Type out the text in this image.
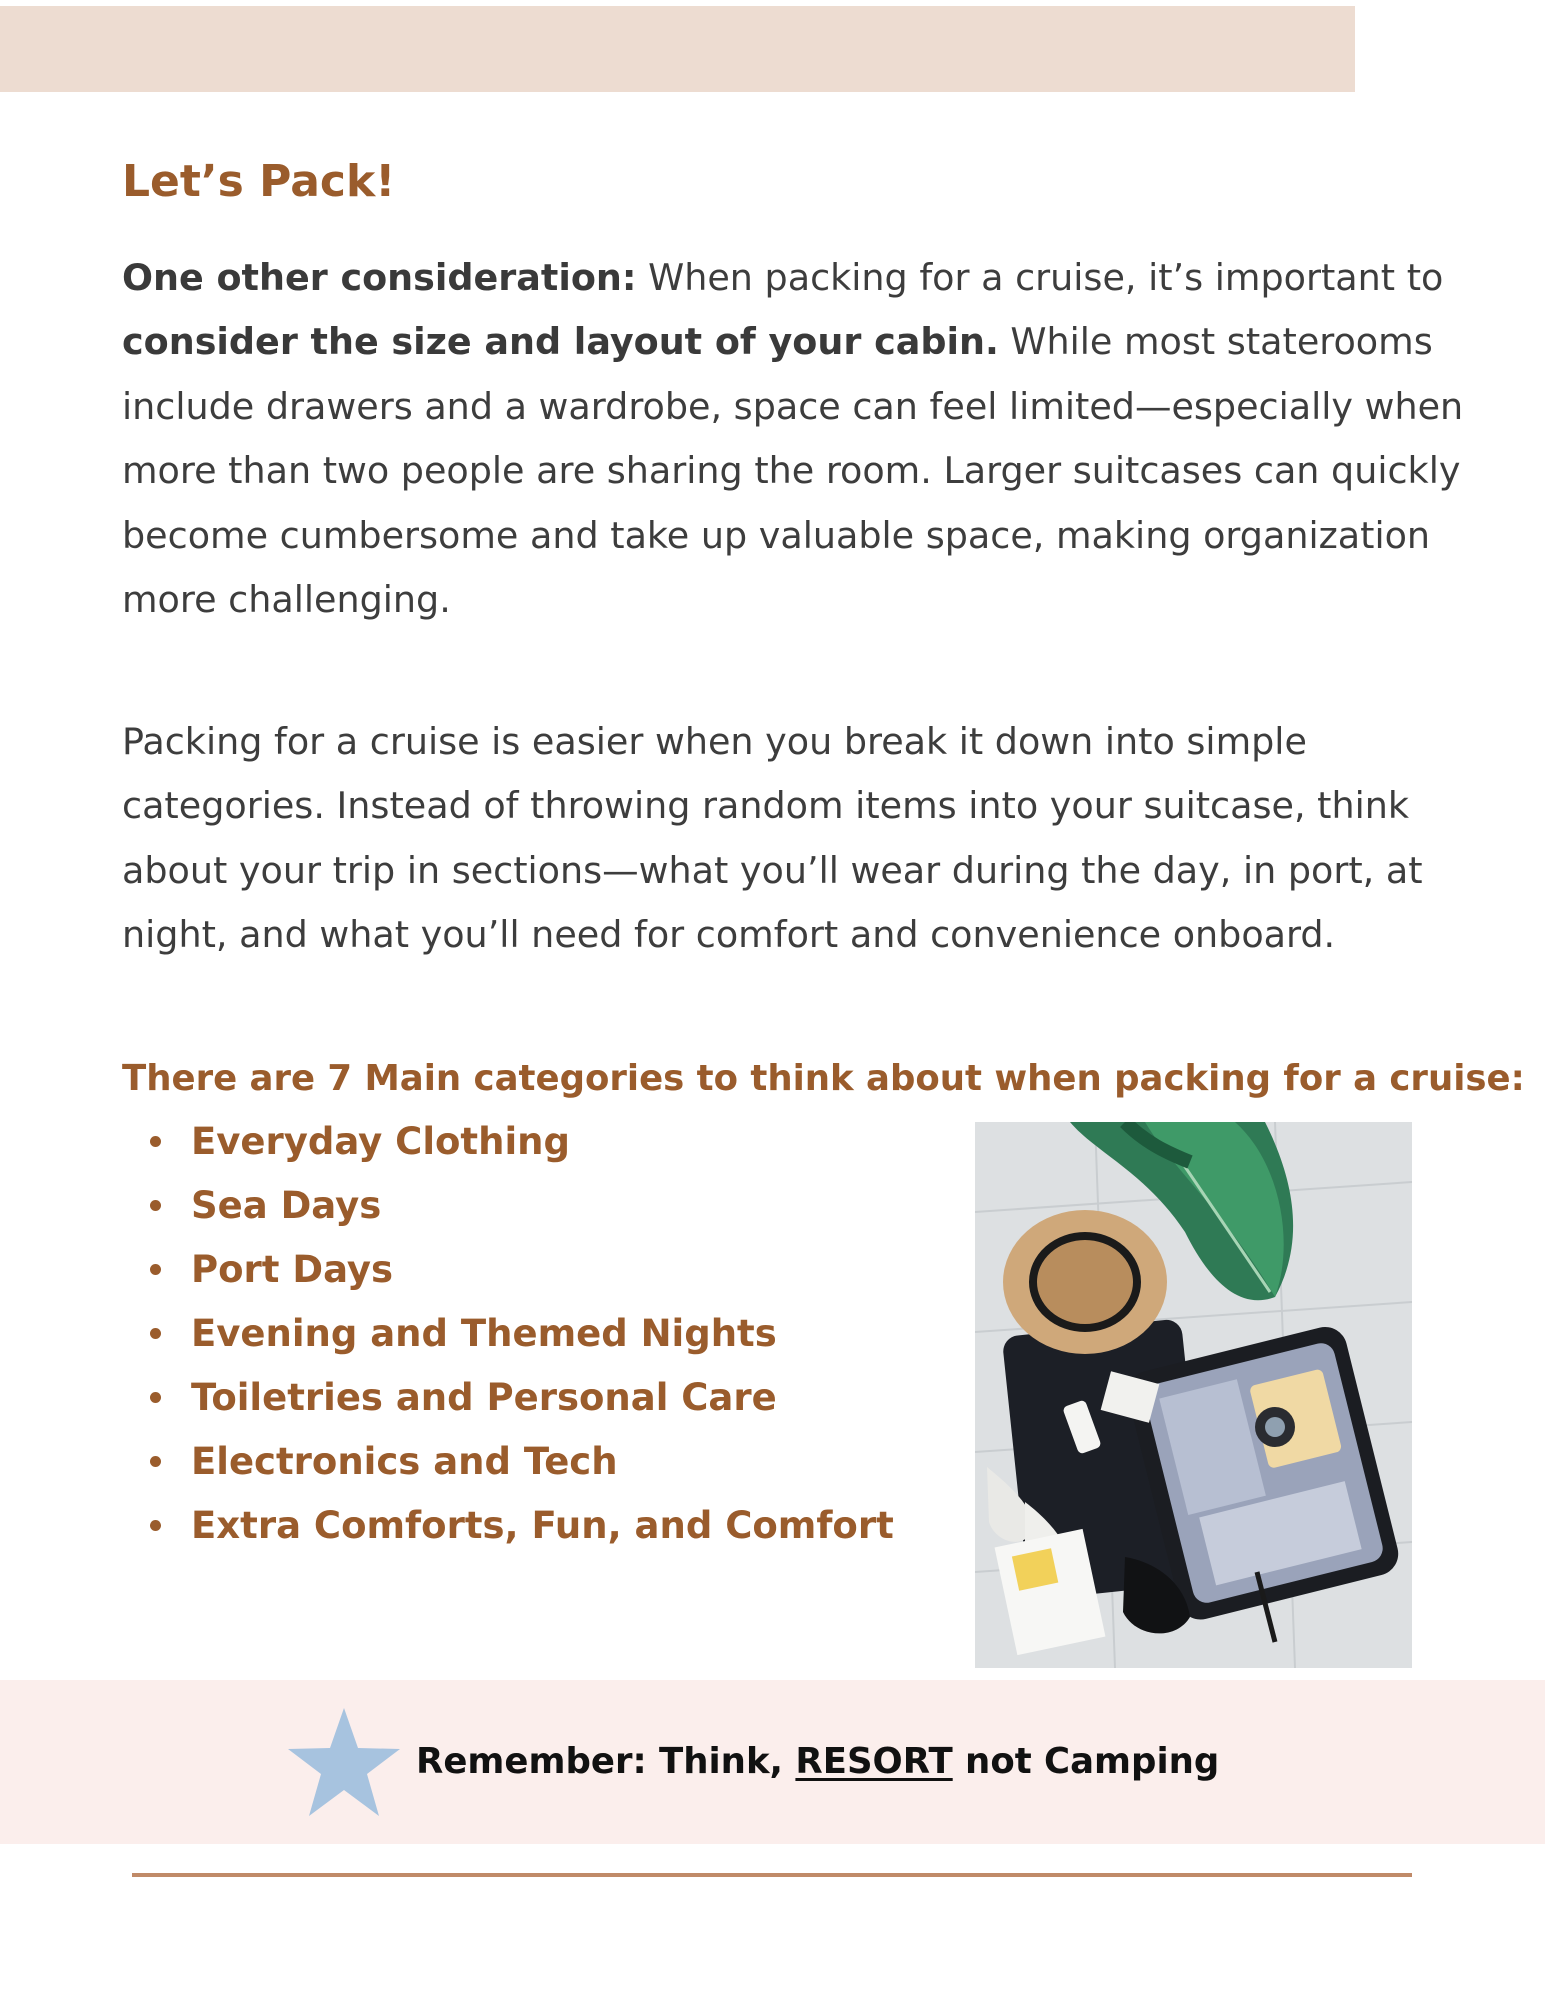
Let’s Pack!

One other consideration: When packing for a cruise, it’s important to consider the size and layout of your cabin. While most staterooms include drawers and a wardrobe, space can feel limited—especially when more than two people are sharing the room. Larger suitcases can quickly become cumbersome and take up valuable space, making organization more challenging.

Packing for a cruise is easier when you break it down into simple categories. Instead of throwing random items into your suitcase, think about your trip in sections—what you’ll wear during the day, in port, at night, and what you’ll need for comfort and convenience onboard.

There are 7 Main categories to think about when packing for a cruise:

Everyday Clothing
Sea Days
Port Days
Evening and Themed Nights
Toiletries and Personal Care
Electronics and Tech
Extra Comforts, Fun, and Comfort
Remember: Think, RESORT not Camping
